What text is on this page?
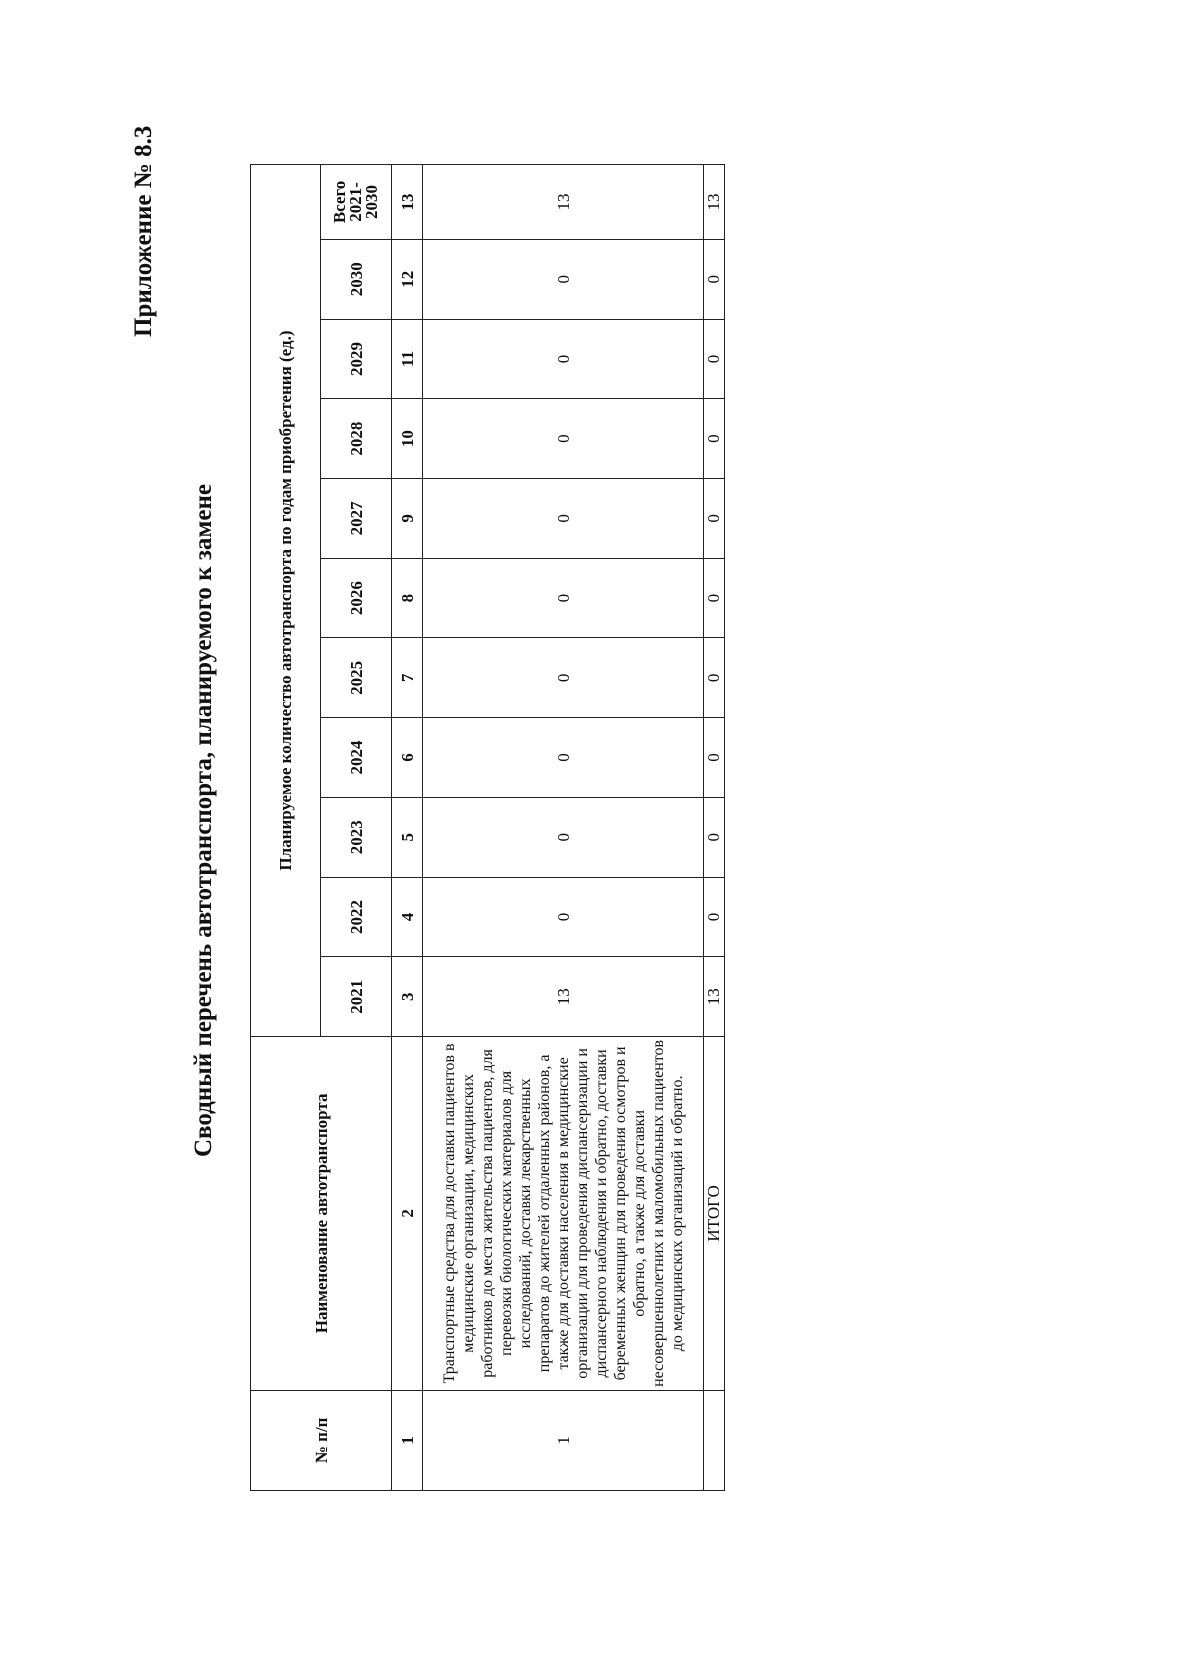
Приложение № 8.3
Сводный перечень автотранспорта, планируемого к замене
№ п/п	Наименование автотранспорта	Планируемое количество автотранспорта по годам приобретения (ед.)										
		2021	2022	2023	2024	2025	2026	2027	2028	2029	2030	Всего 2021-2030
1	2	3	4	5	6	7	8	9	10	11	12	13
1	Транспортные средства для доставки пациентов в медицинские организации, медицинских работников до места жительства пациентов, для перевозки биологических материалов для исследований, доставки лекарственных препаратов до жителей отдаленных районов, а также для доставки населения в медицинские организации для проведения диспансеризации и диспансерного наблюдения и обратно, доставки беременных женщин для проведения осмотров и обратно, а также для доставки несовершеннолетних и маломобильных пациентов до медицинских организаций и обратно.	13	0	0	0	0	0	0	0	0	0	13
	ИТОГО	13	0	0	0	0	0	0	0	0	0	13
